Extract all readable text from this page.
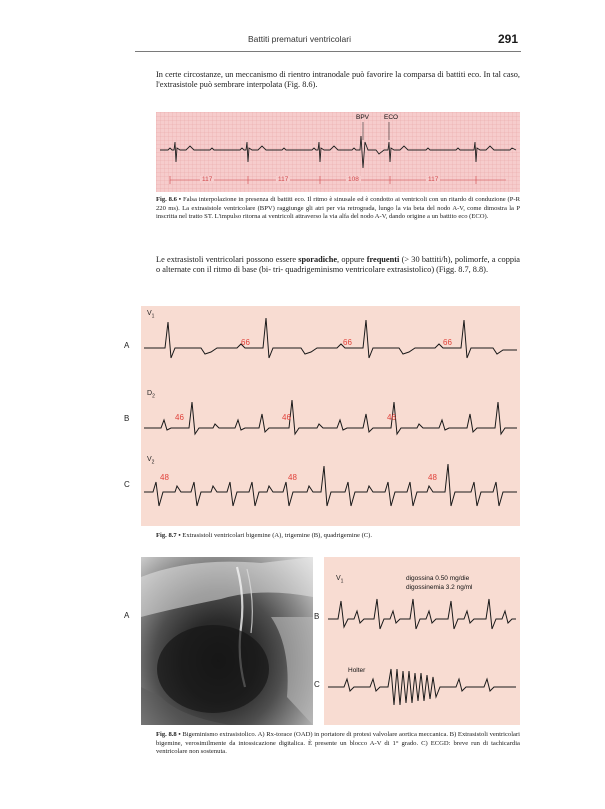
Battiti prematuri ventricolari	291

In certe circostanze, un meccanismo di rientro intranodale può favorire la comparsa di battiti eco. In tal caso, l'extrasistole può sembrare interpolata (Fig. 8.6).

BPV ECO
117	117	108	117

Fig. 8.6 • Falsa interpolazione in presenza di battiti eco. Il ritmo è sinusale ed è condotto ai ventricoli con un ritardo di conduzione (P-R 220 ms). La extrasistole ventricolare (BPV) raggiunge gli atri per via retrograda, lungo la via beta del nodo A-V, come dimostra la P inscritta nel tratto ST. L'impulso ritorna ai ventricoli attraverso la via alfa del nodo A-V, dando origine a un battito eco (ECO).

Le extrasistoli ventricolari possono essere sporadiche, oppure frequenti (> 30 battiti/h), polimorfe, a coppia o alternate con il ritmo di base (bi- tri- quadrigeminismo ventricolare extrasistolico) (Figg. 8.7, 8.8).

A
B
C
$V_1$
$D_2$
$V_2$
66	66	66
46	46	46
48	48	48

Fig. 8.7 • Extrasistoli ventricolari bigemine (A), trigemine (B), quadrigemine (C).

A	B
C
$V_1$	digossina 0.50 mg/die
digossinemia 3.2 ng/ml
Holter

Fig. 8.8 • Bigeminismo extrasistolico. A) Rx-torace (OAD) in portatore di protesi valvolare aortica meccanica. B) Extrasistoli ventricolari bigemine, verosimilmente da intossicazione digitalica. È presente un blocco A-V di 1° grado. C) ECGD: breve run di tachicardia ventricolare non sostenuta.
